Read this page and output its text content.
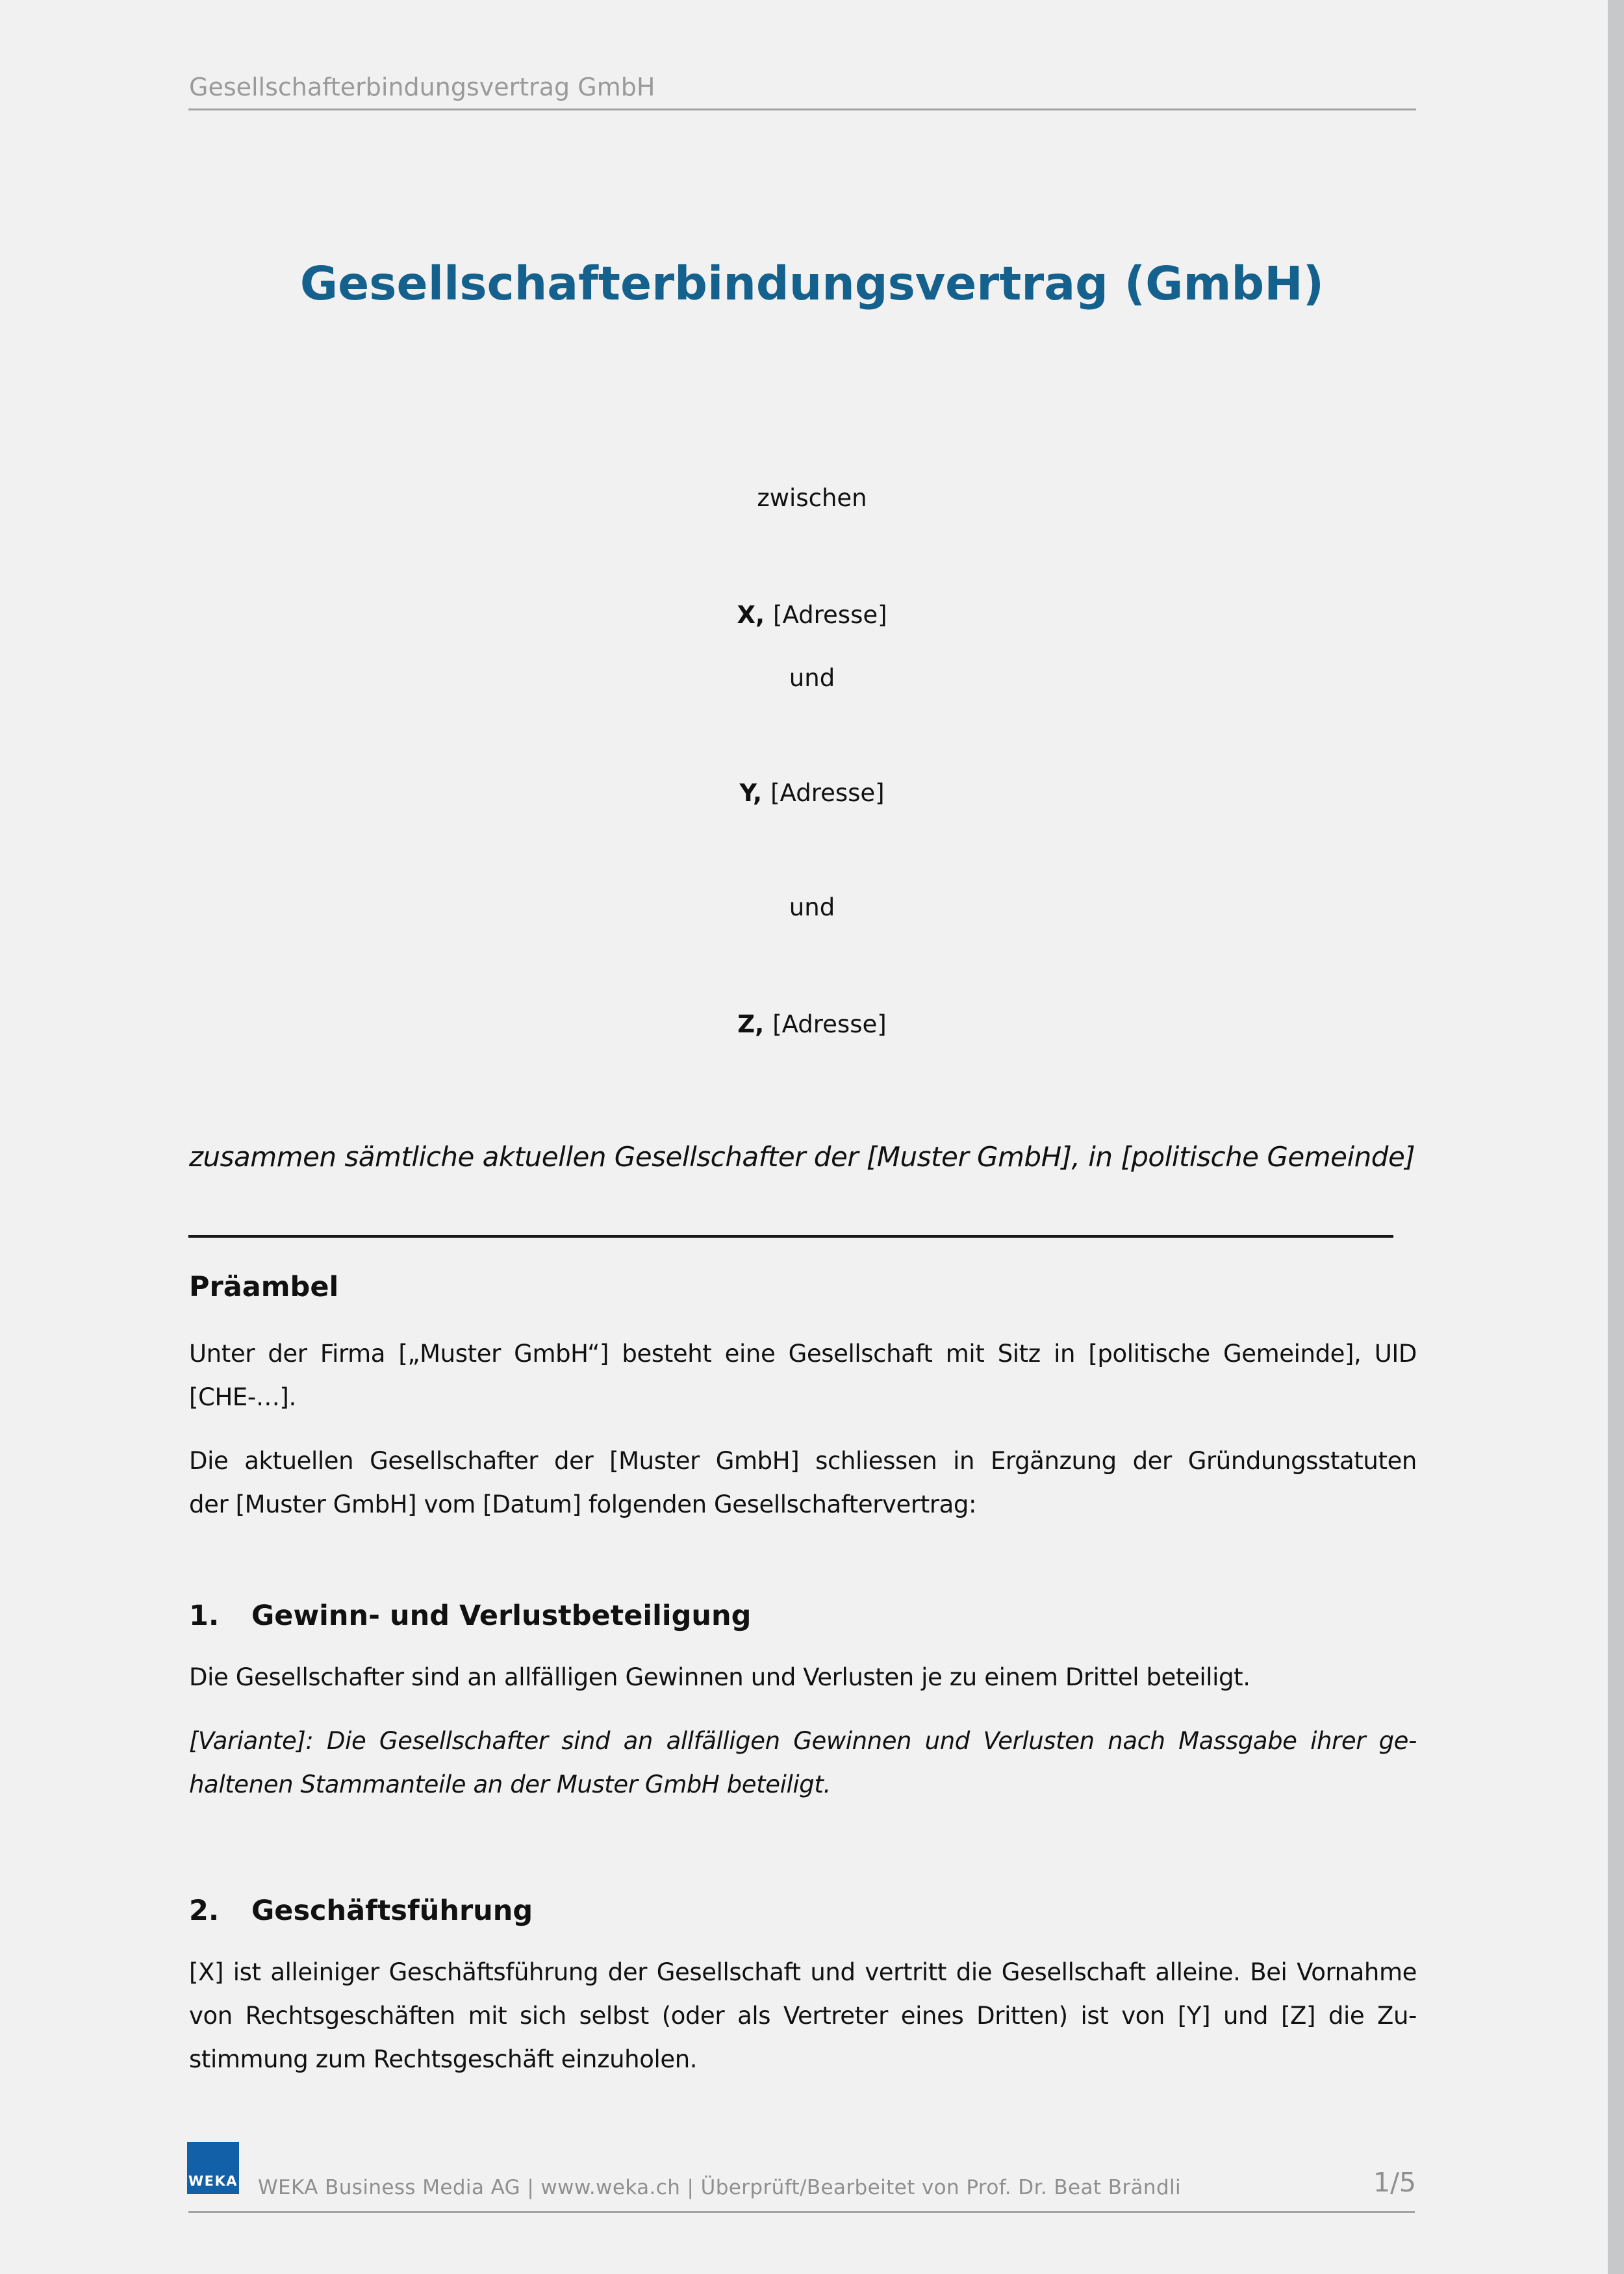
Gesellschafterbindungsvertrag GmbH
Gesellschafterbindungsvertrag (GmbH)
zwischen
X, [Adresse]
und
Y, [Adresse]
und
Z, [Adresse]
zusammen sämtliche aktuellen Gesellschafter der [Muster GmbH], in [politische Gemeinde]
Präambel
Unter der Firma [„Muster GmbH“] besteht eine Gesellschaft mit Sitz in [politische Gemeinde], UID
[CHE-…].
Die aktuellen Gesellschafter der [Muster GmbH] schliessen in Ergänzung der Gründungsstatuten
der [Muster GmbH] vom [Datum] folgenden Gesellschaftervertrag:
1. Gewinn- und Verlustbeteiligung
Die Gesellschafter sind an allfälligen Gewinnen und Verlusten je zu einem Drittel beteiligt.
[Variante]: Die Gesellschafter sind an allfälligen Gewinnen und Verlusten nach Massgabe ihrer ge-
haltenen Stammanteile an der Muster GmbH beteiligt.
2. Geschäftsführung
[X] ist alleiniger Geschäftsführung der Gesellschaft und vertritt die Gesellschaft alleine. Bei Vornahme
von Rechtsgeschäften mit sich selbst (oder als Vertreter eines Dritten) ist von [Y] und [Z] die Zu-
stimmung zum Rechtsgeschäft einzuholen.
WEKA WEKA Business Media AG | www.weka.ch | Überprüft/Bearbeitet von Prof. Dr. Beat Brändli	1/5
